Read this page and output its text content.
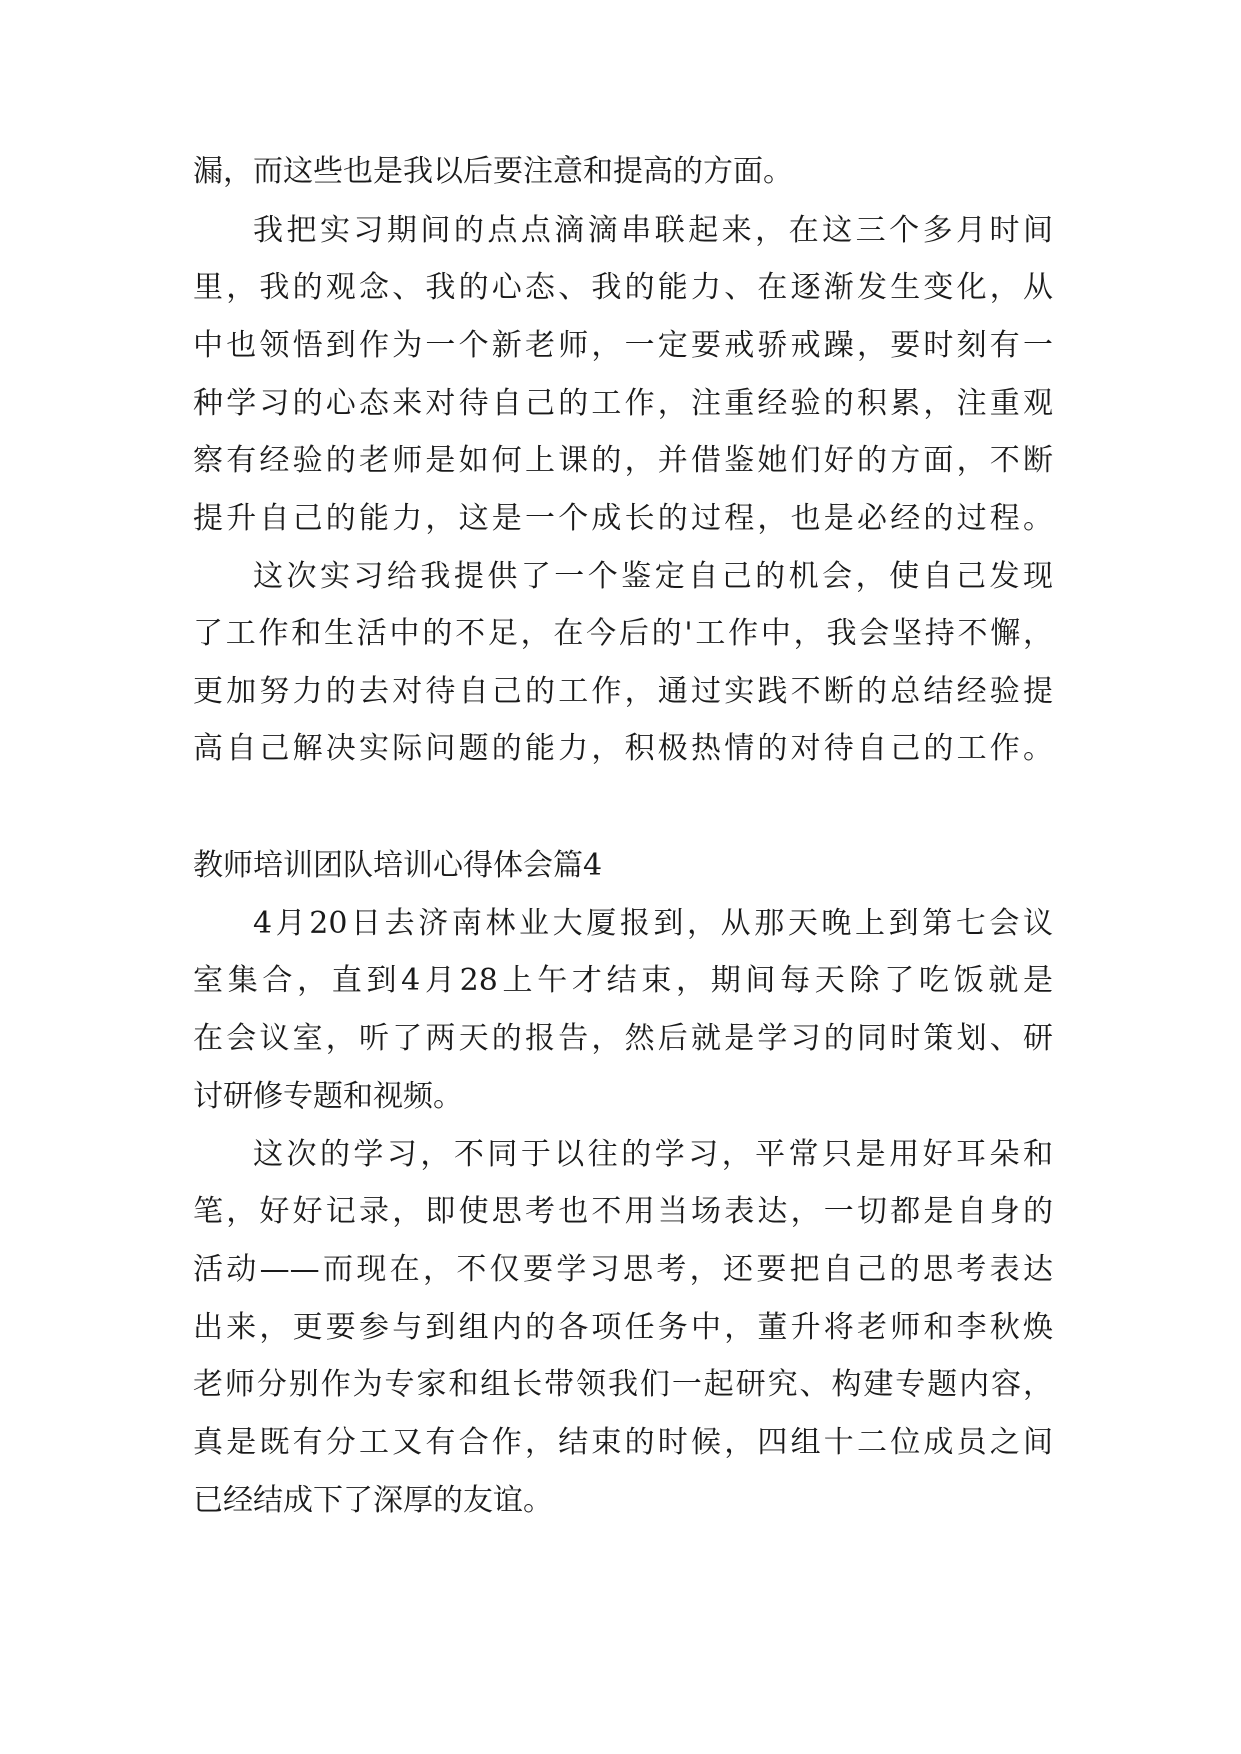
漏，而这些也是我以后要注意和提高的方面。
我把实习期间的点点滴滴串联起来，在这三个多月时间
里，我的观念、我的心态、我的能力、在逐渐发生变化，从
中也领悟到作为一个新老师，一定要戒骄戒躁，要时刻有一
种学习的心态来对待自己的工作，注重经验的积累，注重观
察有经验的老师是如何上课的，并借鉴她们好的方面，不断
提升自己的能力，这是一个成长的过程，也是必经的过程。
这次实习给我提供了一个鉴定自己的机会，使自己发现
了工作和生活中的不足，在今后的'工作中，我会坚持不懈，
更加努力的去对待自己的工作，通过实践不断的总结经验提
高自己解决实际问题的能力，积极热情的对待自己的工作。
教师培训团队培训心得体会篇4
4月20日去济南林业大厦报到，从那天晚上到第七会议
室集合，直到4月28上午才结束，期间每天除了吃饭就是
在会议室，听了两天的报告，然后就是学习的同时策划、研
讨研修专题和视频。
这次的学习，不同于以往的学习，平常只是用好耳朵和
笔，好好记录，即使思考也不用当场表达，一切都是自身的
活动——而现在，不仅要学习思考，还要把自己的思考表达
出来，更要参与到组内的各项任务中，董升将老师和李秋焕
老师分别作为专家和组长带领我们一起研究、构建专题内容，
真是既有分工又有合作，结束的时候，四组十二位成员之间
已经结成下了深厚的友谊。
